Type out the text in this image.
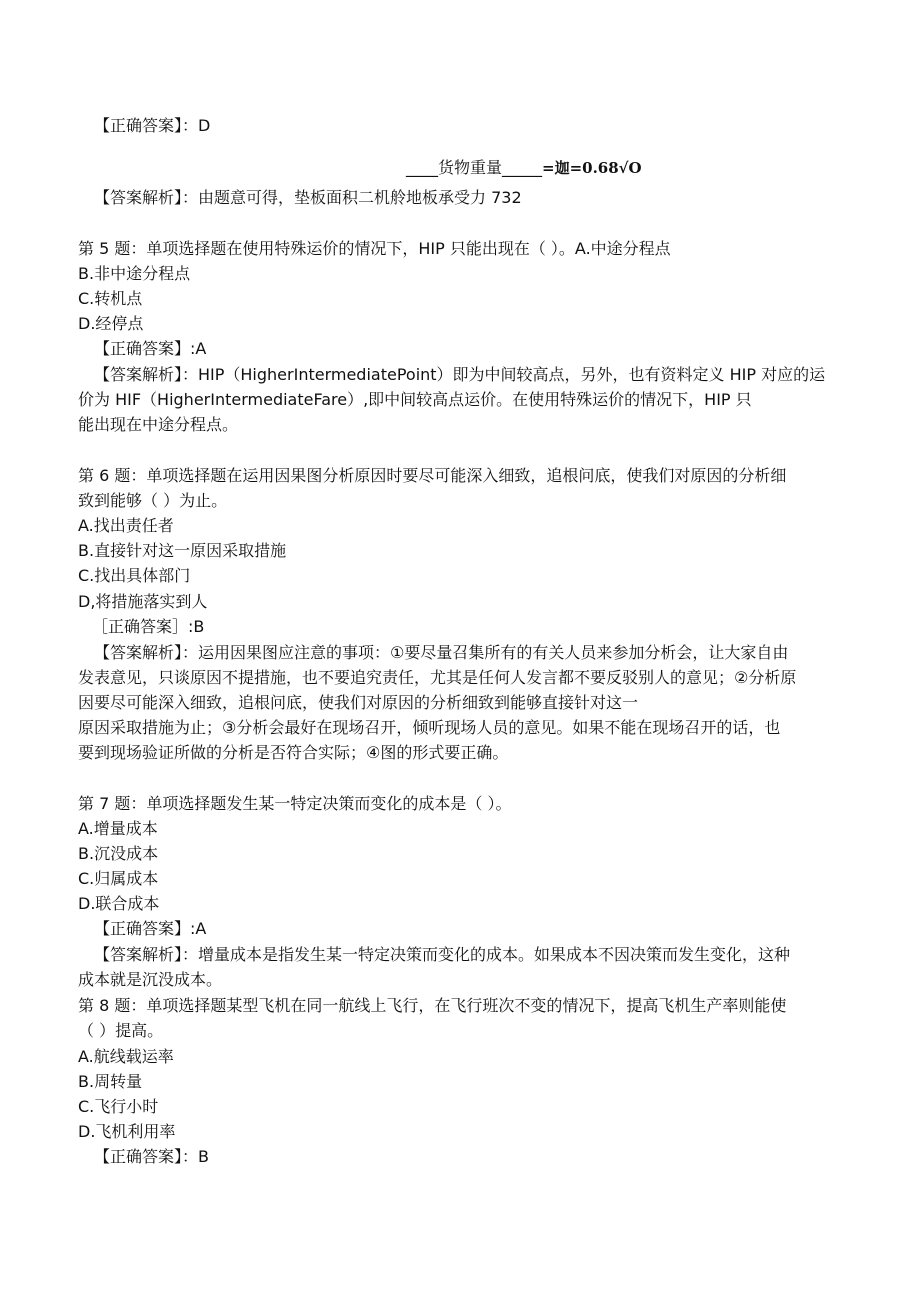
【正确答案】：D

____货物重量_____=迦=0.68√O

【答案解析】：由题意可得，垫板面积二机舲地板承受力 732

第 5 题：单项选择题在使用特殊运价的情况下，HIP 只能出现在（ ）。A.中途分程点

B.非中途分程点

C.转机点

D.经停点

【正确答案】:A

【答案解析】：HIP（HigherIntermediatePoint）即为中间较高点，另外，也有资料定义 HIP 对应的运

价为 HIF（HigherIntermediateFare）,即中间较高点运价。在使用特殊运价的情况下，HIP 只

能出现在中途分程点。

第 6 题：单项选择题在运用因果图分析原因时要尽可能深入细致，追根问底，使我们对原因的分析细

致到能够（ ）为止。

A.找出责任者

B.直接针对这一原因采取措施

C.找出具体部门

D,将措施落实到人

［正确答案］:B

【答案解析】：运用因果图应注意的事项：①要尽量召集所有的有关人员来参加分析会，让大家自由

发表意见，只谈原因不提措施，也不要追究责任，尤其是任何人发言都不要反驳别人的意见；②分析原

因要尽可能深入细致，追根问底，使我们对原因的分析细致到能够直接针对这一

原因采取措施为止；③分析会最好在现场召开，倾听现场人员的意见。如果不能在现场召开的话，也

要到现场验证所做的分析是否符合实际；④图的形式要正确。

第 7 题：单项选择题发生某一特定决策而变化的成本是（ ）。

A.增量成本

B.沉没成本

C.归属成本

D.联合成本

【正确答案】:A

【答案解析】：增量成本是指发生某一特定决策而变化的成本。如果成本不因决策而发生变化，这种

成本就是沉没成本。

第 8 题：单项选择题某型飞机在同一航线上飞行，在飞行班次不变的情况下，提高飞机生产率则能使

（ ）提高。

A.航线载运率

B.周转量

C.飞行小时

D.飞机利用率

【正确答案】：B
